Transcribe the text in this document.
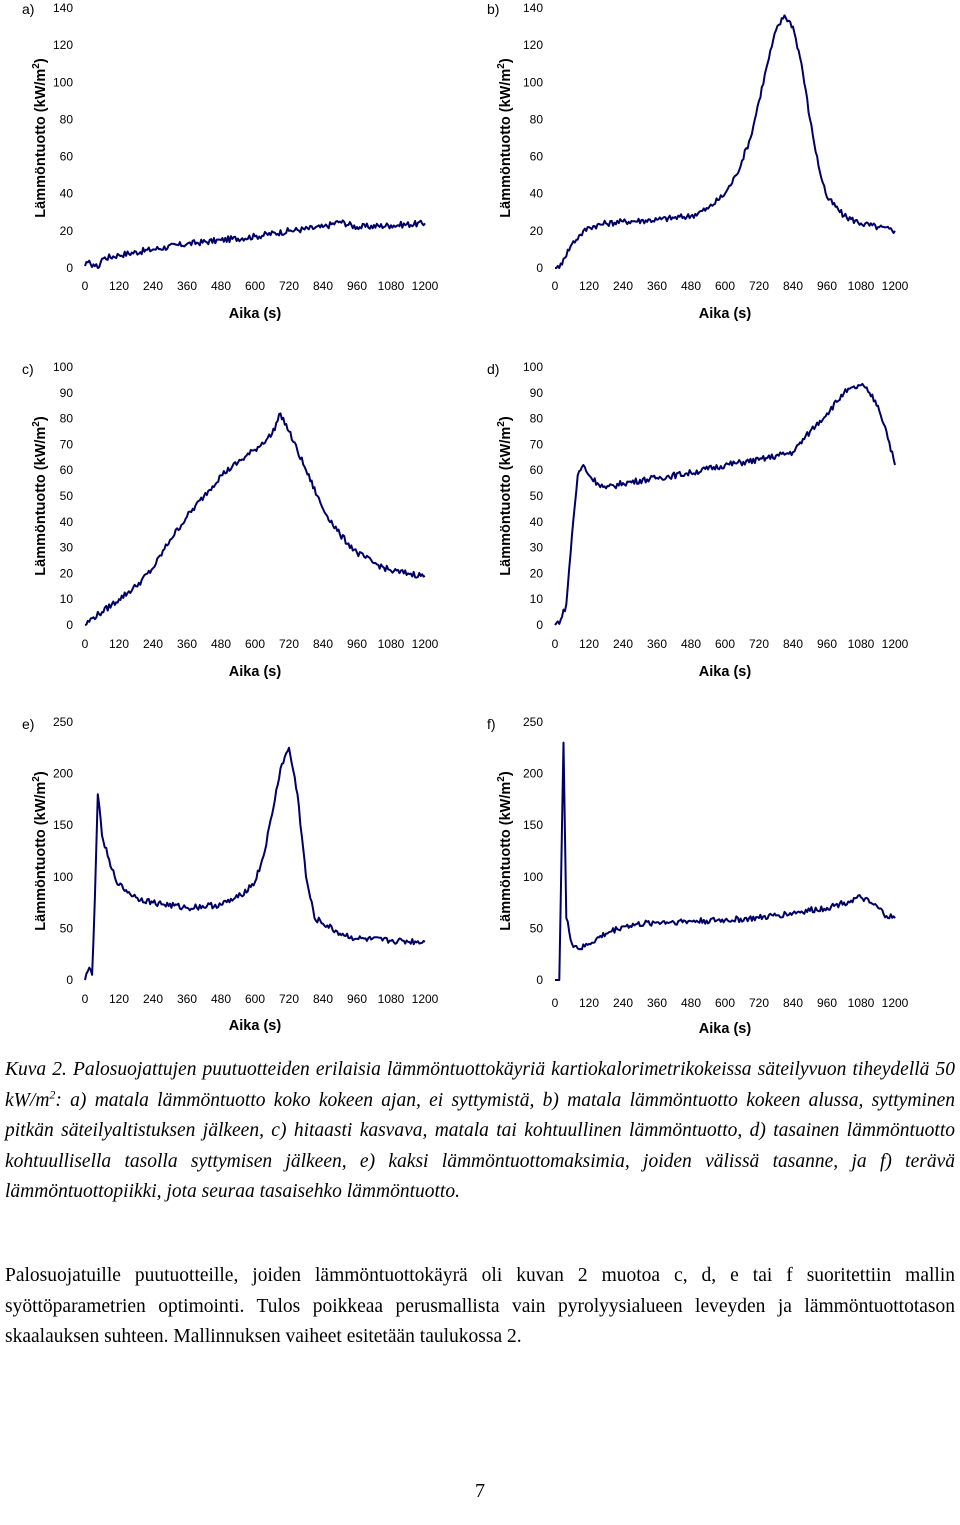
a)
0
20
40
60
80
100
120
140
0 120 240 360 480 600 720 840 960 1080 1200
Aika (s)
Lämmöntuotto $(kW/m^2)$
b)
0
20
40
60
80
100
120
140
0 120 240 360 480 600 720 840 960 1080 1200
Aika (s)
Lämmöntuotto $(kW/m^2)$
c)
0
10
20
30
40
50
60
70
80
90
100
0 120 240 360 480 600 720 840 960 1080 1200
Aika (s)
Lämmöntuotto $(kW/m^2)$
d)
0
10
20
30
40
50
60
70
80
90
100
0 120 240 360 480 600 720 840 960 1080 1200
Aika (s)
Lämmöntuotto $(kW/m^2)$
e)
0
50
100
150
200
250
0 120 240 360 480 600 720 840 960 1080 1200
Aika (s)
Lämmöntuotto $(kW/m^2)$
f)
0
50
100
150
200
250
0 120 240 360 480 600 720 840 960 1080 1200
Aika (s)
Lämmöntuotto $(kW/m^2)$
Kuva 2. Palosuojattujen puutuotteiden erilaisia lämmöntuottokäyriä kartiokalorimetrikokeissa säteilyvuon tiheydellä 50 $kW/m^2$: a) matala lämmöntuotto koko kokeen ajan, ei syttymistä, b) matala lämmöntuotto kokeen alussa, syttyminen pitkän säteilyaltistuksen jälkeen, c) hitaasti kasvava, matala tai kohtuullinen lämmöntuotto, d) tasainen lämmöntuotto kohtuullisella tasolla syttymisen jälkeen, e) kaksi lämmöntuottomaksimia, joiden välissä tasanne, ja f) terävä lämmöntuottopiikki, jota seuraa tasaisehko lämmöntuotto.
Palosuojatuille puutuotteille, joiden lämmöntuottokäyrä oli kuvan 2 muotoa c, d, e tai f suoritettiin mallin syöttöparametrien optimointi. Tulos poikkeaa perusmallista vain pyrolyysialueen leveyden ja lämmöntuottotason skaalauksen suhteen. Mallinnuksen vaiheet esitetään taulukossa 2.
7
